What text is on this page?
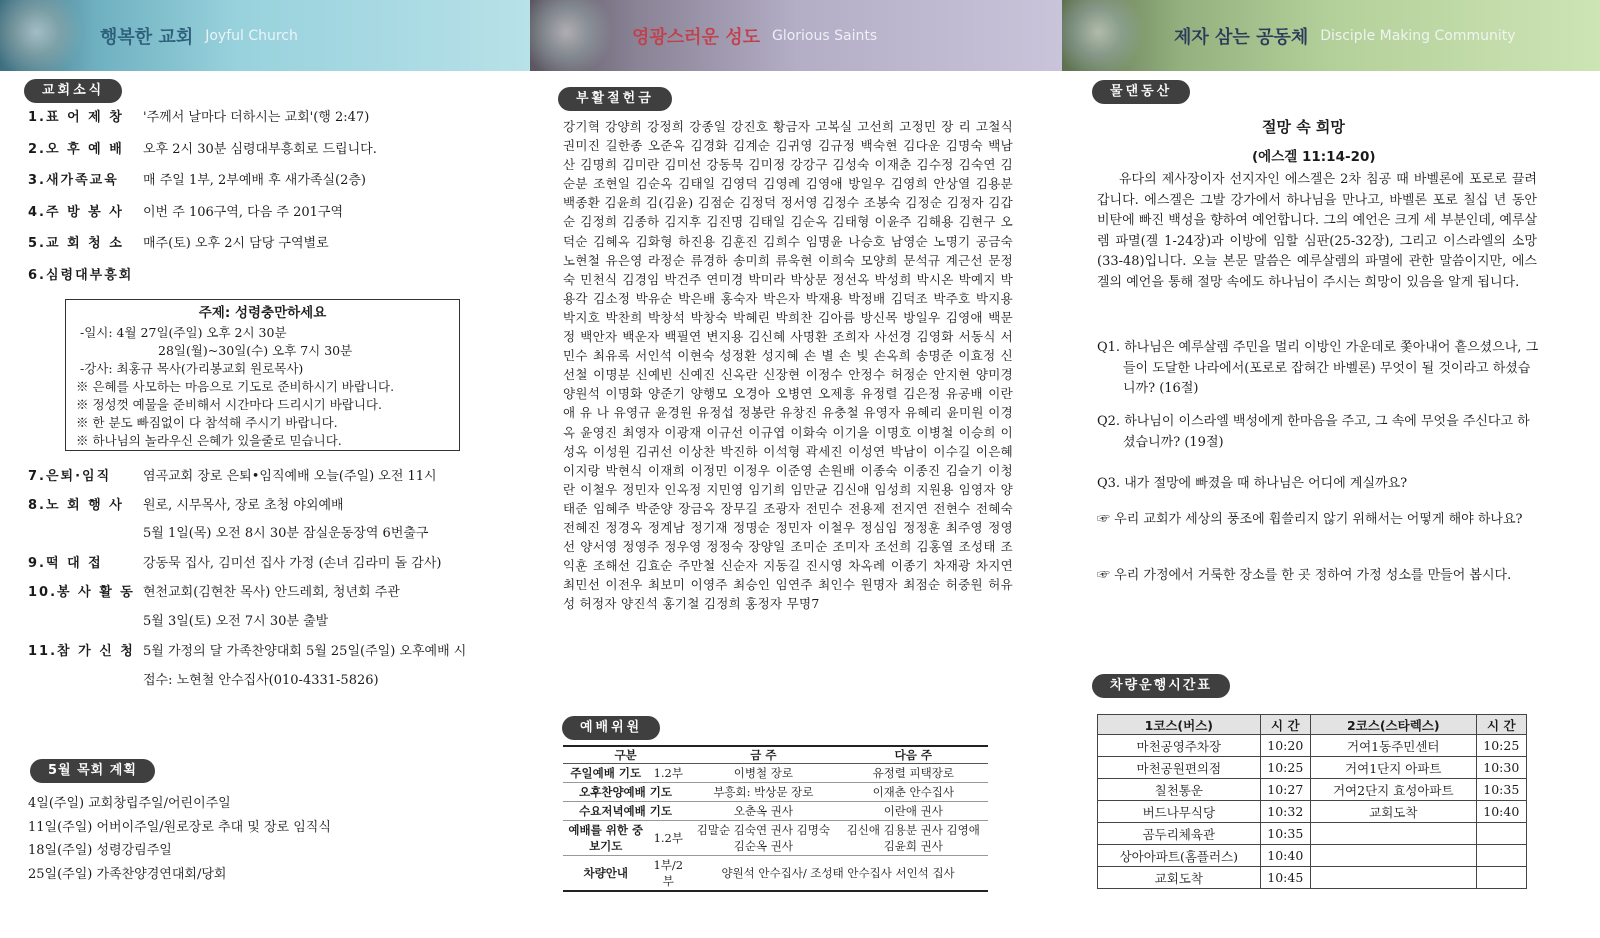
행복한 교회 Joyful Church	영광스러운 성도 Glorious Saints	제자 삼는 공동체 Disciple Making Community
교회소식
1.표 어 제 창	'주께서 날마다 더하시는 교회'(행 2:47)
2.오 후 예 배	오후 2시 30분 심령대부흥회로 드립니다.
3.새가족교육	매 주일 1부, 2부예배 후 새가족실(2층)
4.주 방 봉 사	이번 주 106구역, 다음 주 201구역
5.교 회 청 소	매주(토) 오후 2시 담당 구역별로
6.심령대부흥회
주제: 성령충만하세요
-일시: 4월 27일(주일) 오후 2시 30분
28일(월)~30일(수) 오후 7시 30분
-강사: 최홍규 목사(가리봉교회 원로목사)
※ 은혜를 사모하는 마음으로 기도로 준비하시기 바랍니다.
※ 정성껏 예물을 준비해서 시간마다 드리시기 바랍니다.
※ 한 분도 빠짐없이 다 참석해 주시기 바랍니다.
※ 하나님의 놀라우신 은혜가 있을줄로 믿습니다.
7.은퇴·임직	염곡교회 장로 은퇴•임직예배 오늘(주일) 오전 11시
8.노 회 행 사	원로, 시무목사, 장로 초청 야외예배
5월 1일(목) 오전 8시 30분 잠실운동장역 6번출구
9.떡 대 접	강동묵 집사, 김미선 집사 가정 (손녀 김라미 돌 감사)
10.봉 사 활 동 현천교회(김현찬 목사) 안드레회, 청년회 주관
5월 3일(토) 오전 7시 30분 출발
11.참 가 신 청 5월 가정의 달 가족찬양대회 5월 25일(주일) 오후예배 시
접수: 노현철 안수집사(010-4331-5826)
5월 목회 계획
4일(주일) 교회창립주일/어린이주일
11일(주일) 어버이주일/원로장로 추대 및 장로 임직식
18일(주일) 성령강림주일
25일(주일) 가족찬양경연대회/당회
부활절헌금
강기혁 강양희 강정희 강종일 강진호 황금자 고복실 고선희 고정민 장 리 고철식 권미진 길한종 오준옥 김경화 김계순 김귀영 김규정 백숙현 김다운 김명숙 백남산 김명희 김미란 김미선 강동묵 김미정 강강구 김성숙 이재춘 김수정 김숙연 김순분 조현일 김순옥 김태일 김영덕 김영례 김영애 방일우 김영희 안상열 김용분 백종환 김윤희 김(김윤) 김점순 김정덕 정서영 김정수 조봉숙 김정순 김정자 김갑순 김정희 김종하 김지후 김진명 김태일 김순옥 김태형 이윤주 김해용 김현구 오덕순 김혜옥 김화형 하진용 김훈진 김희수 임명윤 나승호 남영순 노명기 공금숙 노현철 유은영 라정순 류경하 송미희 류욱현 이희숙 모양희 문석규 계근선 문정숙 민천식 김경임 박건주 연미경 박미라 박상문 정선옥 박성희 박시온 박예지 박용각 김소정 박유순 박은배 홍숙자 박은자 박재용 박정배 김덕조 박주호 박지용 박지호 박찬희 박창석 박창숙 박혜린 박희찬 김아름 방신목 방일우 김영애 백문정 백안자 백운자 백필연 변지용 김신혜 사명환 조희자 사선경 김영화 서동식 서민수 최유록 서인석 이현숙 성정환 성지혜 손 별 손 빛 손옥희 송명준 이효정 신선철 이명분 신예빈 신예진 신옥란 신장현 이정수 안정수 허정순 안지현 양미경 양원석 이명화 양준기 양행모 오경아 오병연 오제흥 유정렬 김은정 유공배 이란애 유 나 유영규 윤경원 유정섭 정봉란 유창진 유충철 유영자 유혜리 윤미원 이경옥 윤영진 최영자 이광재 이규선 이규엽 이화숙 이기을 이명호 이병철 이승희 이성옥 이성원 김귀선 이상찬 박진하 이석형 곽세진 이성연 박남이 이수길 이은혜 이지랑 박현식 이재희 이정민 이정우 이준영 손원배 이종숙 이종진 김슬기 이청란 이철우 정민자 인옥정 지민영 임기희 임만균 김신애 임성희 지원용 임영자 양태준 임혜주 박준양 장금옥 장무길 조광자 전민수 전용제 전지연 전현수 전혜숙 전혜진 정경옥 정계남 정기재 정명순 정민자 이철우 정심임 정정훈 최주영 정영선 양서영 정영주 정우영 정정숙 장양일 조미순 조미자 조선희 김홍열 조성태 조익훈 조해선 김효순 주만철 신순자 지동길 진시영 차옥례 이종기 차재광 차지연 최민선 이전우 최보미 이영주 최승인 임연주 최인수 원명자 최점순 허중원 허유성 허정자 양진석 홍기철 김정희 홍정자 무명7
예배위원
구분		금 주	다음 주
주일예배 기도	1.2부	이병철 장로	유정렬 피택장로
오후찬양예배 기도		부흥회: 박상문 장로	이재춘 안수집사
수요저녁예배 기도		오춘옥 권사	이란애 권사
예배를 위한 중보기도	1.2부	김말순 김숙연 권사 김명숙 김순옥 권사	김신애 김용분 권사 김영애 김윤희 권사
차량안내	1부/2부	양원석 안수집사/ 조성태 안수집사 서인석 집사	
물댄동산
절망 속 희망
(에스겔 11:14-20)
유다의 제사장이자 선지자인 에스겔은 2차 침공 때 바벨론에 포로로 끌려갑니다. 에스겔은 그발 강가에서 하나님을 만나고, 바벨론 포로 칠십 년 동안 비탄에 빠진 백성을 향하여 예언합니다. 그의 예언은 크게 세 부분인데, 예루살렘 파멸(겔 1-24장)과 이방에 임할 심판(25-32장), 그리고 이스라엘의 소망(33-48)입니다. 오늘 본문 말씀은 예루살렘의 파멸에 관한 말씀이지만, 에스겔의 예언을 통해 절망 속에도 하나님이 주시는 희망이 있음을 알게 됩니다.
Q1. 하나님은 예루살렘 주민을 멀리 이방인 가운데로 쫓아내어 흩으셨으나, 그들이 도달한 나라에서(포로로 잡혀간 바벨론) 무엇이 될 것이라고 하셨습니까? (16절)
Q2. 하나님이 이스라엘 백성에게 한마음을 주고, 그 속에 무엇을 주신다고 하셨습니까? (19절)
Q3. 내가 절망에 빠졌을 때 하나님은 어디에 계실까요?
☞ 우리 교회가 세상의 풍조에 휩쓸리지 않기 위해서는 어떻게 해야 하나요?
☞ 우리 가정에서 거룩한 장소를 한 곳 정하여 가정 성소를 만들어 봅시다.
차량운행시간표
1코스(버스)	시 간	2코스(스타렉스)	시 간
마천공영주차장	10:20	거여1동주민센터	10:25
마천공원편의점	10:25	거여1단지 아파트	10:30
칠천통운	10:27	거여2단지 효성아파트	10:35
버드나무식당	10:32	교회도착	10:40
곰두리체육관	10:35		
상아아파트(홈플러스)	10:40		
교회도착	10:45		
